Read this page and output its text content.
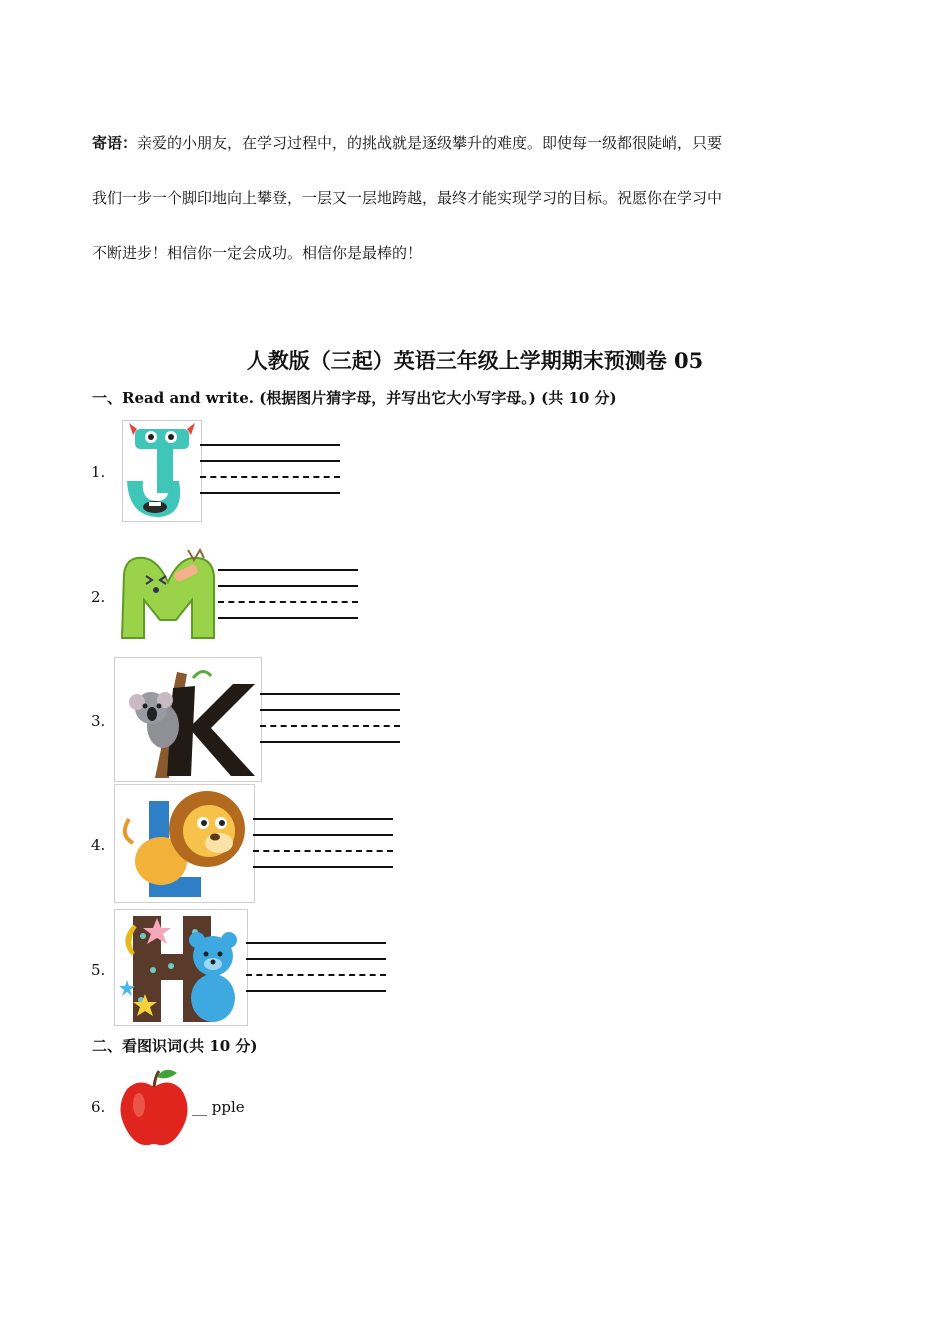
寄语：亲爱的小朋友，在学习过程中，的挑战就是逐级攀升的难度。即使每一级都很陡峭，只要
我们一步一个脚印地向上攀登，一层又一层地跨越，最终才能实现学习的目标。祝愿你在学习中
不断进步！相信你一定会成功。相信你是最棒的！
人教版（三起）英语三年级上学期期末预测卷 05
一、Read and write. (根据图片猜字母，并写出它大小写字母。) (共 10 分)
1.
2.
3.
4.
5.
二、看图识词(共 10 分)
6.	__ pple
